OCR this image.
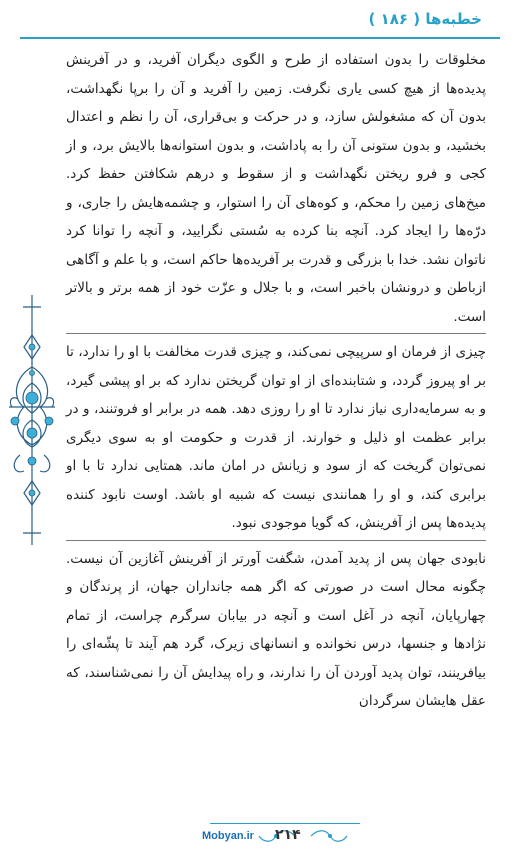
خطبه‌ها ( ۱۸۶ )

مخلوقات را بدون استفاده از طرح و الگوی دیگران آفرید، و در آفرینش پدیده‌ها از هیچ کسی یاری نگرفت. زمین را آفرید و آن را برپا نگهداشت، بدون آن که مشغولش سازد، و در حرکت و بی‌قراری، آن را نظم و اعتدال بخشید، و بدون ستونی آن را به پاداشت، و بدون استوانه‌ها بالایش برد، و از کجی و فرو ریختن نگهداشت و از سقوط و درهم شکافتن حفظ کرد. میخ‌های زمین را محکم، و کوه‌های آن را استوار، و چشمه‌هایش را جاری، و درّه‌ها را ایجاد کرد. آنچه بنا کرده به سُستی نگرایید، و آنچه را توانا کرد ناتوان نشد. خدا با بزرگی و قدرت بر آفریده‌ها حاکم است، و با علم و آگاهی ازباطن و درونشان باخبر است، و با جلال و عزّت خود از همه برتر و بالاتر است.

چیزی از فرمان او سرپیچی نمی‌کند، و چیزی قدرت مخالفت با او را ندارد، تا بر او پیروز گردد، و شتابنده‌ای از او توان گریختن ندارد که بر او پیشی گیرد، و به سرمایه‌داری نیاز ندارد تا او را روزی دهد. همه در برابر او فروتنند، و در برابر عظمت او ذلیل و خوارند. از قدرت و حکومت او به سوی دیگری نمی‌توان گریخت که از سود و زیانش در امان ماند. همتایی ندارد تا با او برابری کند، و او را همانندی نیست که شبیه او باشد. اوست نابود کننده پدیده‌ها پس از آفرینش، که گویا موجودی نبود.

نابودی جهان پس از پدید آمدن، شگفت آورتر از آفرینش آغازین آن نیست. چگونه محال است در صورتی که اگر همه جانداران جهان، از پرندگان و چهارپایان، آنچه در آغل است و آنچه در بیابان سرگرم چراست، از تمام نژادها و جنسها، درس نخوانده و انسانهای زیرک، گرد هم آیند تا پشّه‌ای را بیافرینند، توان پدید آوردن آن را ندارند، و راه پیدایش آن را نمی‌شناسند، که عقل هایشان سرگردان

Mobyan.ir ۲۱۴
